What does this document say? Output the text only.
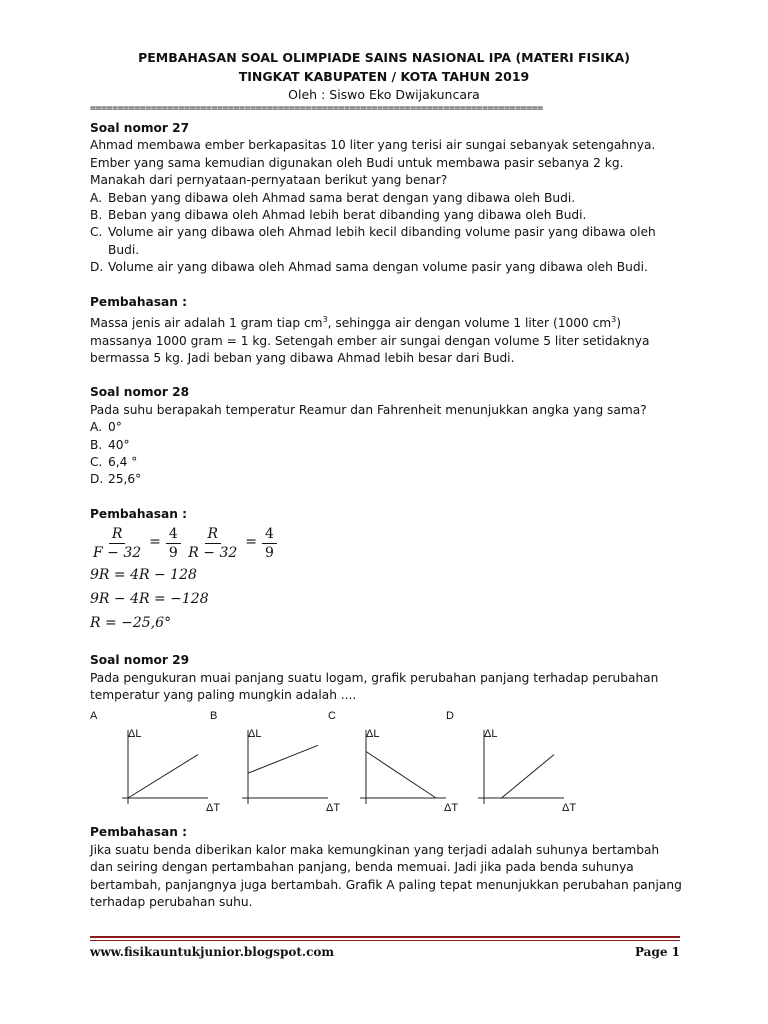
PEMBAHASAN SOAL OLIMPIADE SAINS NASIONAL IPA (MATERI FISIKA)
TINGKAT KABUPATEN / KOTA TAHUN 2019
Oleh : Siswo Eko Dwijakuncara
==================================================================================

Soal nomor 27

Ahmad membawa ember berkapasitas 10 liter yang terisi air sungai sebanyak setengahnya. Ember yang sama kemudian digunakan oleh Budi untuk membawa pasir sebanya 2 kg. Manakah dari pernyataan-pernyataan berikut yang benar?

A. Beban yang dibawa oleh Ahmad sama berat dengan yang dibawa oleh Budi.
B. Beban yang dibawa oleh Ahmad lebih berat dibanding yang dibawa oleh Budi.
C. Volume air yang dibawa oleh Ahmad lebih kecil dibanding volume pasir yang dibawa oleh Budi.
D. Volume air yang dibawa oleh Ahmad sama dengan volume pasir yang dibawa oleh Budi.

Pembahasan :

Massa jenis air adalah 1 gram tiap $cm^3$, sehingga air dengan volume 1 liter (1000 $cm^3$) massanya 1000 gram = 1 kg. Setengah ember air sungai dengan volume 5 liter setidaknya bermassa 5 kg. Jadi beban yang dibawa Ahmad lebih besar dari Budi.

Soal nomor 28

Pada suhu berapakah temperatur Reamur dan Fahrenheit menunjukkan angka yang sama?

A. 0°
B. 40°
C. 6,4 °
D. 25,6°

Pembahasan :

$\frac{R}{F - 32} = \frac{4}{9}$
$\frac{R}{R - 32} = \frac{4}{9}$
9R = 4R − 128
9R − 4R = −128
R = −25,6°

Soal nomor 29

Pada pengukuran muai panjang suatu logam, grafik perubahan panjang terhadap perubahan temperatur yang paling mungkin adalah ....

A
ΔL
ΔT
B
ΔL
ΔT
C
ΔL
ΔT
D
ΔL
ΔT

Pembahasan :

Jika suatu benda diberikan kalor maka kemungkinan yang terjadi adalah suhunya bertambah dan seiring dengan pertambahan panjang, benda memuai. Jadi jika pada benda suhunya bertambah, panjangnya juga bertambah. Grafik A paling tepat menunjukkan perubahan panjang terhadap perubahan suhu.

www.fisikauntukjunior.blogspot.com	Page 1
